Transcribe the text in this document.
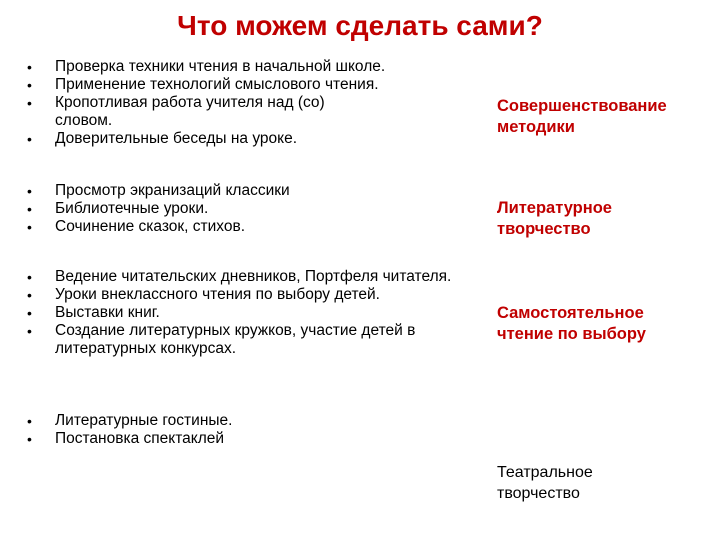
Что можем сделать сами?
• Проверка техники чтения в начальной школе.
• Применение технологий смыслового чтения.
• Кропотливая работа учителя над (со) словом.
• Доверительные беседы на уроке.
Совершенствование методики
• Просмотр экранизаций классики
• Библиотечные уроки.
• Сочинение сказок, стихов.
Литературное творчество
• Ведение читательских дневников, Портфеля читателя.
• Уроки внеклассного чтения по выбору детей.
• Выставки книг.
• Создание литературных кружков, участие детей в литературных конкурсах.
Самостоятельное чтение по выбору
• Литературные гостиные.
• Постановка спектаклей
Театральное творчество
